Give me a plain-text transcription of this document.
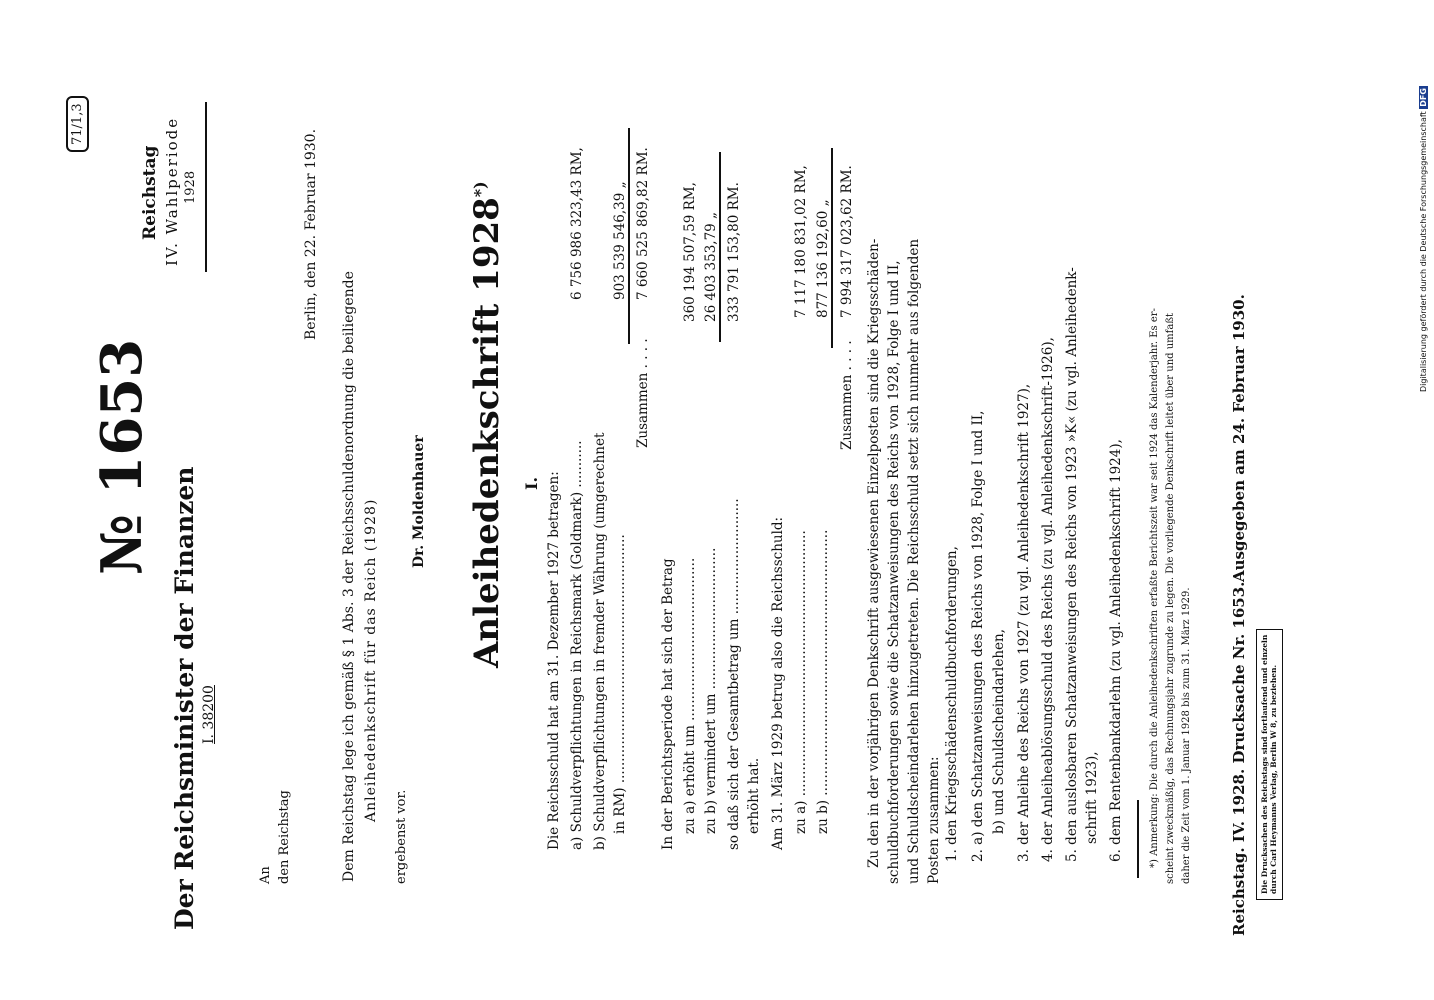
№ 1653
Der Reichsminister der Finanzen I. 38200
71/1,3
Reichstag IV. Wahlperiode 1928
An den Reichstag
Berlin, den 22. Februar 1930.
Dem Reichstag lege ich gemäß § 1 Abs. 3 der Reichsschuldenordnung die beiliegende Anleihedenkschrift für das Reich (1928)
ergebenst vor.
Dr. Moldenhauer Anleihedenkschrift 1928*)
I. Die Reichsschuld hat am 31. Dezember 1927 betragen: a) Schuldverpflichtungen in Reichsmark (Goldmark) ...........
6 756 986 323,43 RM,
b) Schuldverpflichtungen in fremder Währung (umgerechnet in RM) ..........................................................
903 539 546,39 „
Zusammen . . . .
7 660 525 869,82 RM.
In der Berichtsperiode hat sich der Betrag zu a) erhöht um ......................................
360 194 507,59 RM,
zu b) vermindert um .................................
26 403 353,79 „
so daß sich der Gesamtbetrag um ........................... erhöht hat.
333 791 153,80 RM.
Am 31. März 1929 betrug also die Reichsschuld: zu a) ..............................................................
7 117 180 831,02 RM,
zu b) ..............................................................
877 136 192,60 „
Zusammen . . . .
7 994 317 023,62 RM. Zu den in der vorjährigen Denkschrift ausgewiesenen Einzelposten sind die Kriegsschäden- schuldbuchforderungen sowie die Schatzanweisungen des Reichs von 1928, Folge I und II, und Schuldscheindarlehen hinzugetreten. Die Reichsschuld setzt sich nunmehr aus folgenden Posten zusammen: 1. den Kriegsschädenschuldbuchforderungen, 2. a) den Schatzanweisungen des Reichs von 1928, Folge I und II, b) und Schuldscheindarlehen, 3. der Anleihe des Reichs von 1927 (zu vgl. Anleihedenkschrift 1927), 4. der Anleiheablösungsschuld des Reichs (zu vgl. Anleihedenkschrift-1926), 5. den auslosbaren Schatzanweisungen des Reichs von 1923 »K« (zu vgl. Anleihedenk- schrift 1923), 6. dem Rentenbankdarlehn (zu vgl. Anleihedenkschrift 1924),	*) Anmerkung: Die durch die Anleihedenkschriften erfaßte Berichtszeit war seit 1924 das Kalenderjahr. Es er- scheint zweckmäßig, das Rechnungsjahr zugrunde zu legen. Die vorliegende Denkschrift leitet über und umfaßt daher die Zeit vom 1. Januar 1928 bis zum 31. März 1929.	Reichstag. IV. 1928. Drucksache Nr. 1653.
Ausgegeben am 24. Februar 1930.
Die Drucksachen des Reichstags sind fortlaufend und einzeln durch Carl Heymanns Verlag, Berlin W 8, zu beziehen.
Digitalisierung gefördert durch die Deutsche Forschungsgemeinschaft DFG
